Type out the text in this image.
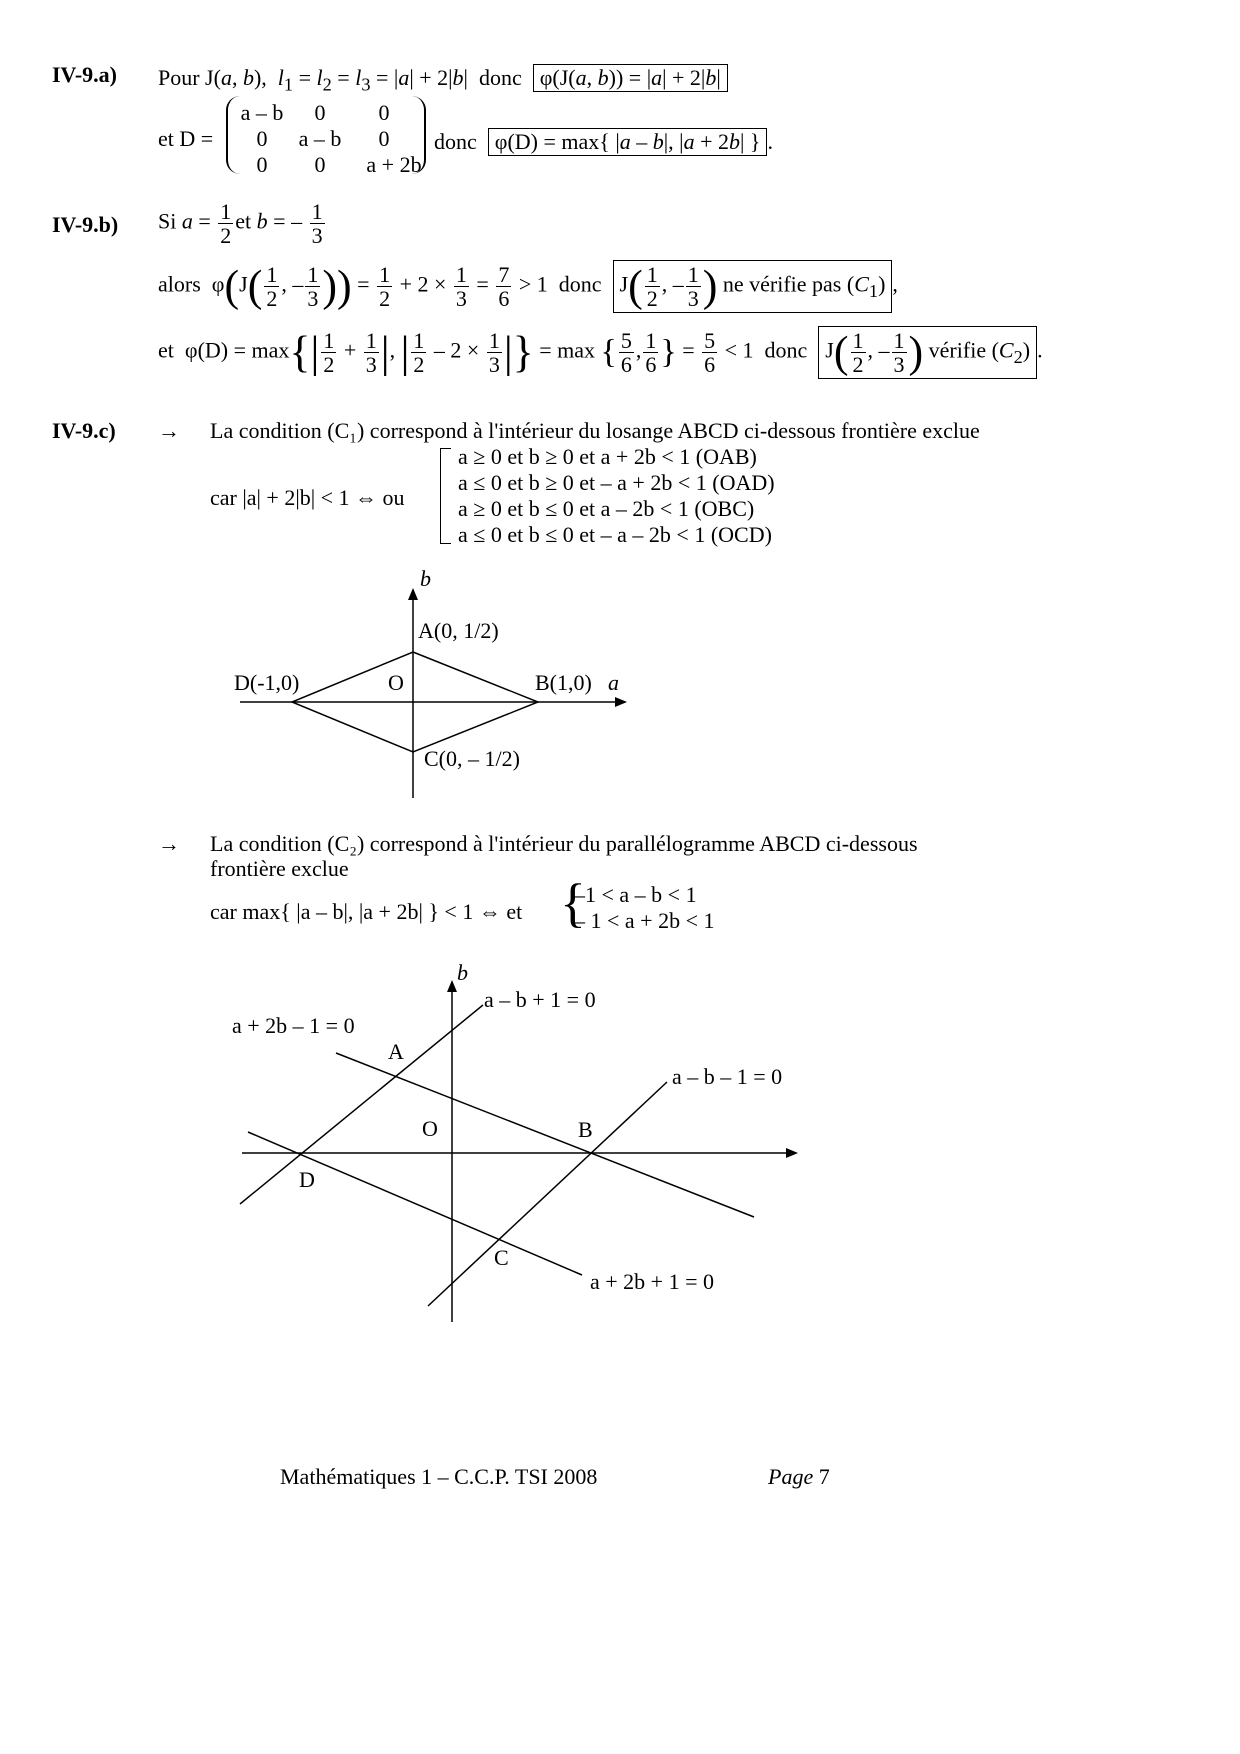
IV-9.a) Pour J(a, b),  $l_1 = l_2 = l_3 = |a| + 2|b|$  donc  φ(J(a, b)) = |a| + 2|b|
et D =
a – b	0	0
0	a – b	0
0	0	a + 2b
donc φ(D) = max{ |a – b|, |a + 2b| } .
IV-9.b) Si $a = \frac{1}{2}$ et b = – $\frac{1}{3}$
alors  $\varphi(J( \frac{1}{2}$ , – $\frac{1}{3}$ )) = $\frac{1}{2} + 2 \times \frac{1}{3} = \frac{7}{6} > 1$  donc  $J( \frac{1}{2}$ , – $\frac{1}{3}$ ) ne vérifie pas $(C_1)$ ,
et  $\varphi(D) = \max\{| \frac{1}{2} + \frac{1}{3}$ |, | $\frac{1}{2} - 2 \times \frac{1}{3}$ |} = max { $\frac{5}{6}$ , $\frac{1}{6}$ } = $\frac{5}{6} < 1$  donc  $J( \frac{1}{2}$ , – $\frac{1}{3}$ ) vérifie $(C_2)$ .
IV-9.c) → La condition (C₁) correspond à l'intérieur du losange ABCD ci-dessous frontière exclue
car |a| + 2|b| < 1 ⇔ ou
a ≥ 0 et b ≥ 0 et a + 2b < 1 (OAB)
a ≤ 0 et b ≥ 0 et – a + 2b < 1 (OAD)
a ≥ 0 et b ≤ 0 et a – 2b < 1 (OBC)
a ≤ 0 et b ≤ 0 et – a – 2b < 1 (OCD)
b
a
A(0, 1/2)
B(1,0)
C(0, – 1/2)
D(-1,0)	O
b
a – b + 1 = 0
a + 2b – 1 = 0
a – b – 1 = 0
a + 2b + 1 = 0
A
B
C
D
O
→ La condition (C₂) correspond à l'intérieur du parallélogramme ABCD ci-dessous
frontière exclue
car max{ |a – b|, |a + 2b| } < 1 ⇔ et {
–1 < a – b < 1
– 1 < a + 2b < 1
Mathématiques 1 – C.C.P. TSI 2008	Page 7
